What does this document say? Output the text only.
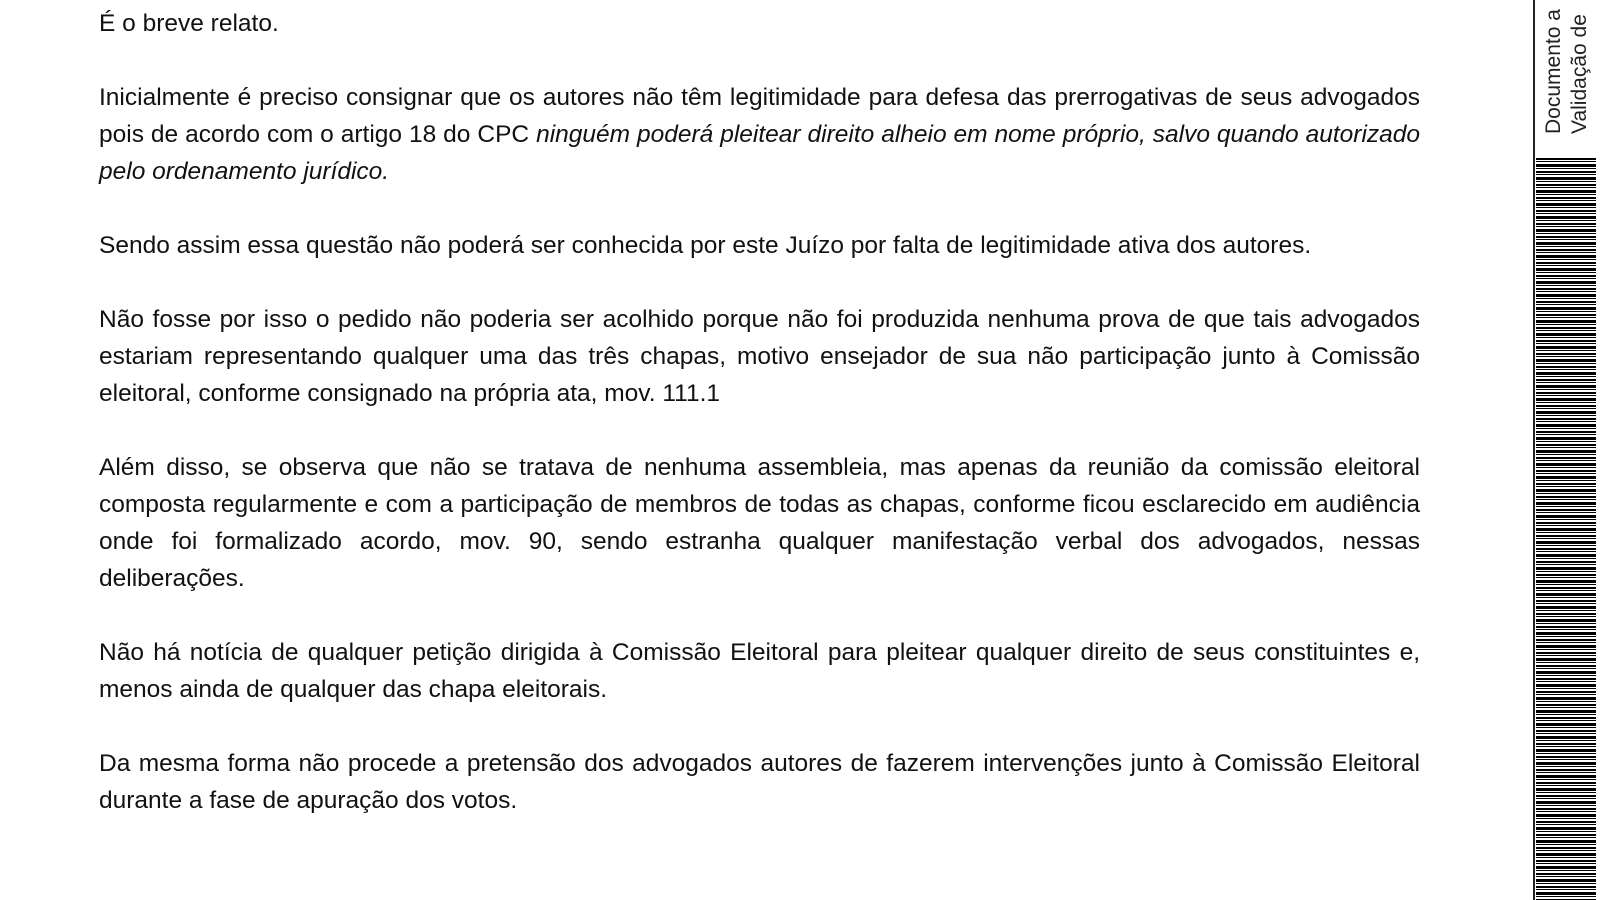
É o breve relato.

Inicialmente é preciso consignar que os autores não têm legitimidade para defesa das prerrogativas de seus advogados pois de acordo com o artigo 18 do CPC ninguém poderá pleitear direito alheio em nome próprio, salvo quando autorizado pelo ordenamento jurídico.

Sendo assim essa questão não poderá ser conhecida por este Juízo por falta de legitimidade ativa dos autores.

Não fosse por isso o pedido não poderia ser acolhido porque não foi produzida nenhuma prova de que tais advogados estariam representando qualquer uma das três chapas, motivo ensejador de sua não participação junto à Comissão eleitoral, conforme consignado na própria ata, mov. 111.1

Além disso, se observa que não se tratava de nenhuma assembleia, mas apenas da reunião da comissão eleitoral composta regularmente e com a participação de membros de todas as chapas, conforme ficou esclarecido em audiência onde foi formalizado acordo, mov. 90, sendo estranha qualquer manifestação verbal dos advogados, nessas deliberações.

Não há notícia de qualquer petição dirigida à Comissão Eleitoral para pleitear qualquer direito de seus constituintes e, menos ainda de qualquer das chapa eleitorais.

Da mesma forma não procede a pretensão dos advogados autores de fazerem intervenções junto à Comissão Eleitoral durante a fase de apuração dos votos.

Documento a Validação de
